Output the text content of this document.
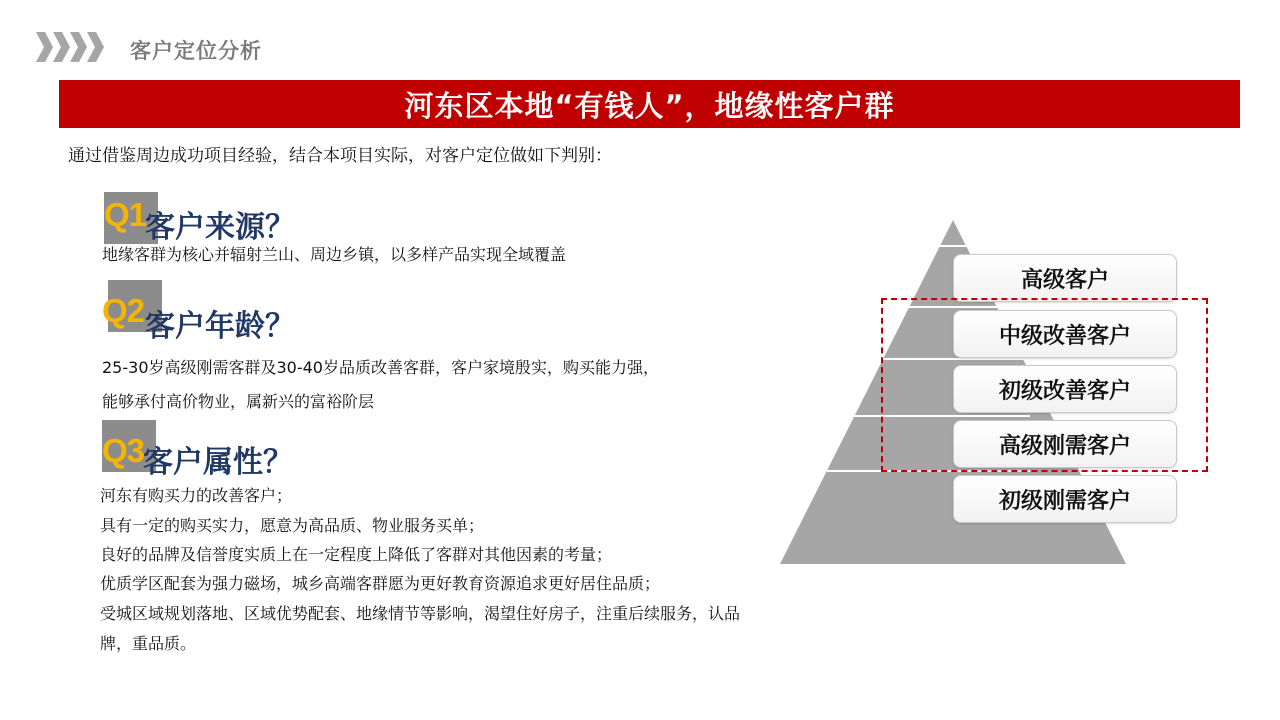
客户定位分析
河东区本地“有钱人”，地缘性客户群
通过借鉴周边成功项目经验，结合本项目实际，对客户定位做如下判别：
Q1
客户来源？
地缘客群为核心并辐射兰山、周边乡镇，以多样产品实现全域覆盖
Q2 客户年龄？
25-30岁高级刚需客群及30-40岁品质改善客群，客户家境殷实，购买能力强，
能够承付高价物业，属新兴的富裕阶层
Q3
客户属性？
河东有购买力的改善客户；
具有一定的购买实力，愿意为高品质、物业服务买单；
良好的品牌及信誉度实质上在一定程度上降低了客群对其他因素的考量；
优质学区配套为强力磁场，城乡高端客群愿为更好教育资源追求更好居住品质；
受城区域规划落地、区域优势配套、地缘情节等影响，渴望住好房子，注重后续服务，认品
牌，重品质。
高级客户
中级改善客户
初级改善客户
高级刚需客户
初级刚需客户
